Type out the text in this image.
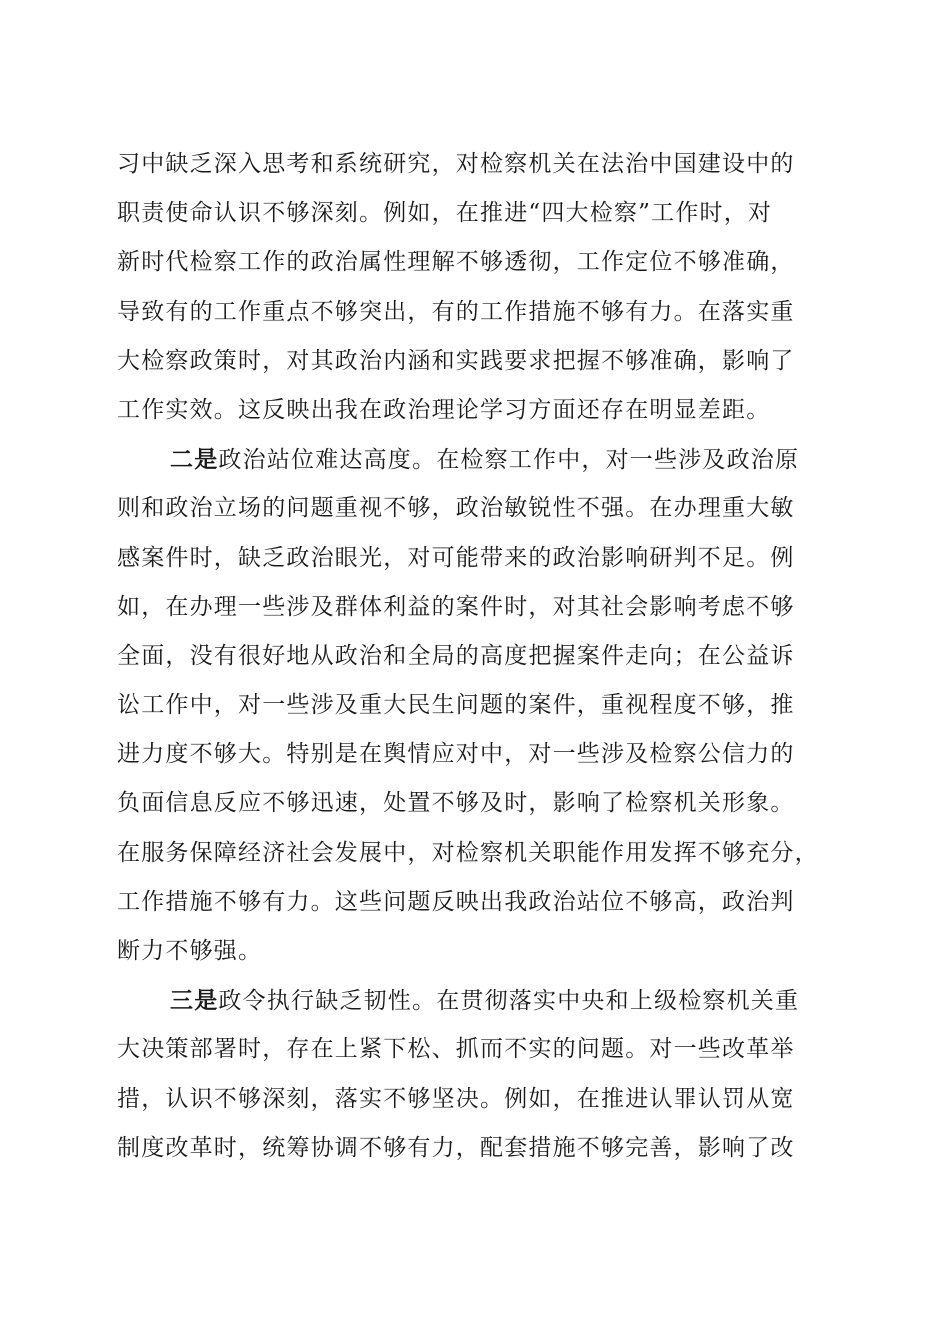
习中缺乏深入思考和系统研究，对检察机关在法治中国建设中的
职责使命认识不够深刻。例如，在推进“四大检察”工作时，对
新时代检察工作的政治属性理解不够透彻，工作定位不够准确，
导致有的工作重点不够突出，有的工作措施不够有力。在落实重
大检察政策时，对其政治内涵和实践要求把握不够准确，影响了
工作实效。这反映出我在政治理论学习方面还存在明显差距。
二是政治站位难达高度。在检察工作中，对一些涉及政治原
则和政治立场的问题重视不够，政治敏锐性不强。在办理重大敏
感案件时，缺乏政治眼光，对可能带来的政治影响研判不足。例
如，在办理一些涉及群体利益的案件时，对其社会影响考虑不够
全面，没有很好地从政治和全局的高度把握案件走向；在公益诉
讼工作中，对一些涉及重大民生问题的案件，重视程度不够，推
进力度不够大。特别是在舆情应对中，对一些涉及检察公信力的
负面信息反应不够迅速，处置不够及时，影响了检察机关形象。
在服务保障经济社会发展中，对检察机关职能作用发挥不够充分，
工作措施不够有力。这些问题反映出我政治站位不够高，政治判
断力不够强。
三是政令执行缺乏韧性。在贯彻落实中央和上级检察机关重
大决策部署时，存在上紧下松、抓而不实的问题。对一些改革举
措，认识不够深刻，落实不够坚决。例如，在推进认罪认罚从宽
制度改革时，统筹协调不够有力，配套措施不够完善，影响了改
